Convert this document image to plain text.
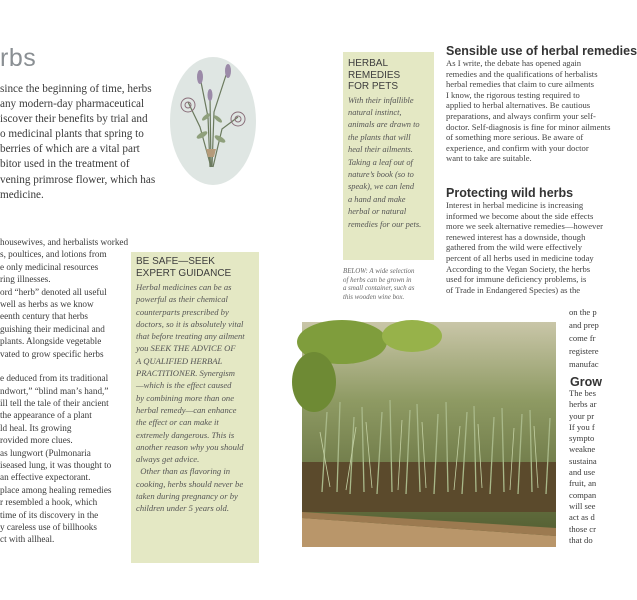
rbs

since the beginning of time, herbs

any modern-day pharmaceutical

iscover their benefits by trial and

o medicinal plants that spring to

berries of which are a vital part

bitor used in the treatment of

vening primrose flower, which has

medicine.

housewives, and herbalists worked
s, poultices, and lotions from
e only medicinal resources
ring illnesses.
ord “herb” denoted all useful
well as herbs as we know
eenth century that herbs
guishing their medicinal and
plants. Alongside vegetable
vated to grow specific herbs
e deduced from its traditional
ndwort,” “blind man’s hand,”
ill tell the tale of their ancient
the appearance of a plant
ld heal. Its growing
rovided more clues.
as lungwort (Pulmonaria
iseased lung, it was thought to
an effective expectorant.
place among healing remedies
r resembled a hook, which
time of its discovery in the
y careless use of billhooks
ct with allheal.
HERBAL
REMEDIES
FOR PETS
With their infallible
natural instinct,
animals are drawn to
the plants that will
heal their ailments.
Taking a leaf out of
nature’s book (so to
speak), we can lend
a hand and make
herbal or natural
remedies for our pets.
BE SAFE—SEEK
EXPERT GUIDANCE
Herbal medicines can be as
powerful as their chemical
counterparts prescribed by
doctors, so it is absolutely vital
that before treating any ailment
you SEEK THE ADVICE OF
A QUALIFIED HERBAL
PRACTITIONER. Synergism
—which is the effect caused
by combining more than one
herbal remedy—can enhance
the effect or can make it
extremely dangerous. This is
another reason why you should
always get advice.
Other than as flavoring in
cooking, herbs should never be
taken during pregnancy or by
children under 5 years old.
BELOW: A wide selection
of herbs can be grown in
a small container, such as
this wooden wine box.
Sensible use of herbal remedies
As I write, the debate has opened again
remedies and the qualifications of herbalists
herbal remedies that claim to cure ailments
I know, the rigorous testing required to
applied to herbal alternatives. Be cautious
preparations, and always confirm your self-
doctor. Self-diagnosis is fine for minor ailments
of something more serious. Be aware of
experience, and confirm with your doctor
want to take are suitable.
Protecting wild herbs
Interest in herbal medicine is increasing
informed we become about the side effects
more we seek alternative remedies—however
renewed interest has a downside, though
gathered from the wild were effectively
percent of all herbs used in medicine today
According to the Vegan Society, the herbs
used for immune deficiency problems, is
of Trade in Endangered Species) as the
on the p
and prep
come fr
registere
manufac
Grow
The bes
herbs ar
your pr
If you f
sympto
weakne
sustaina
and use
fruit, an
compan
will see
act as d
those cr
that do
